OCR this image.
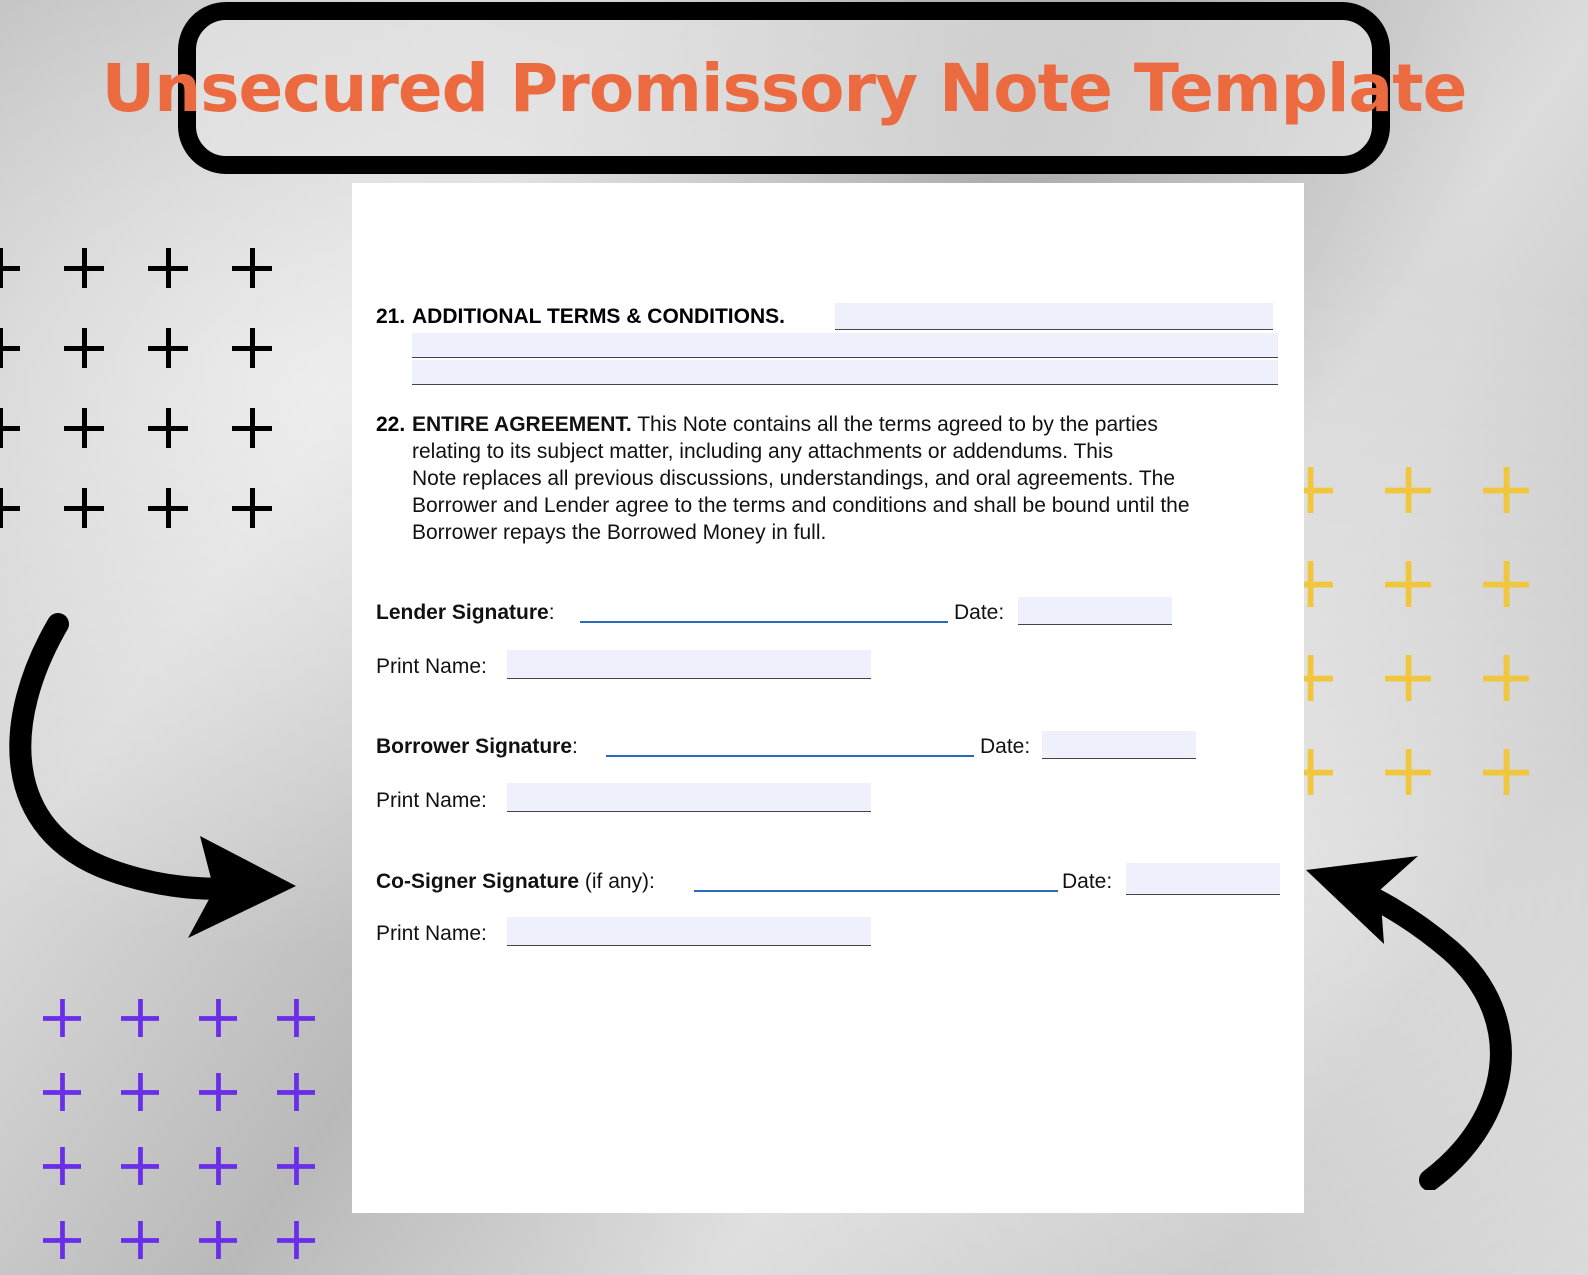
Unsecured Promissory Note Template
21. ADDITIONAL TERMS & CONDITIONS.
22. ENTIRE AGREEMENT. This Note contains all the terms agreed to by the parties
relating to its subject matter, including any attachments or addendums. This
Note replaces all previous discussions, understandings, and oral agreements. The
Borrower and Lender agree to the terms and conditions and shall be bound until the
Borrower repays the Borrowed Money in full.
Lender Signature:	Date:
Print Name:
Borrower Signature:	Date:
Print Name:
Co-Signer Signature (if any):	Date:
Print Name:
